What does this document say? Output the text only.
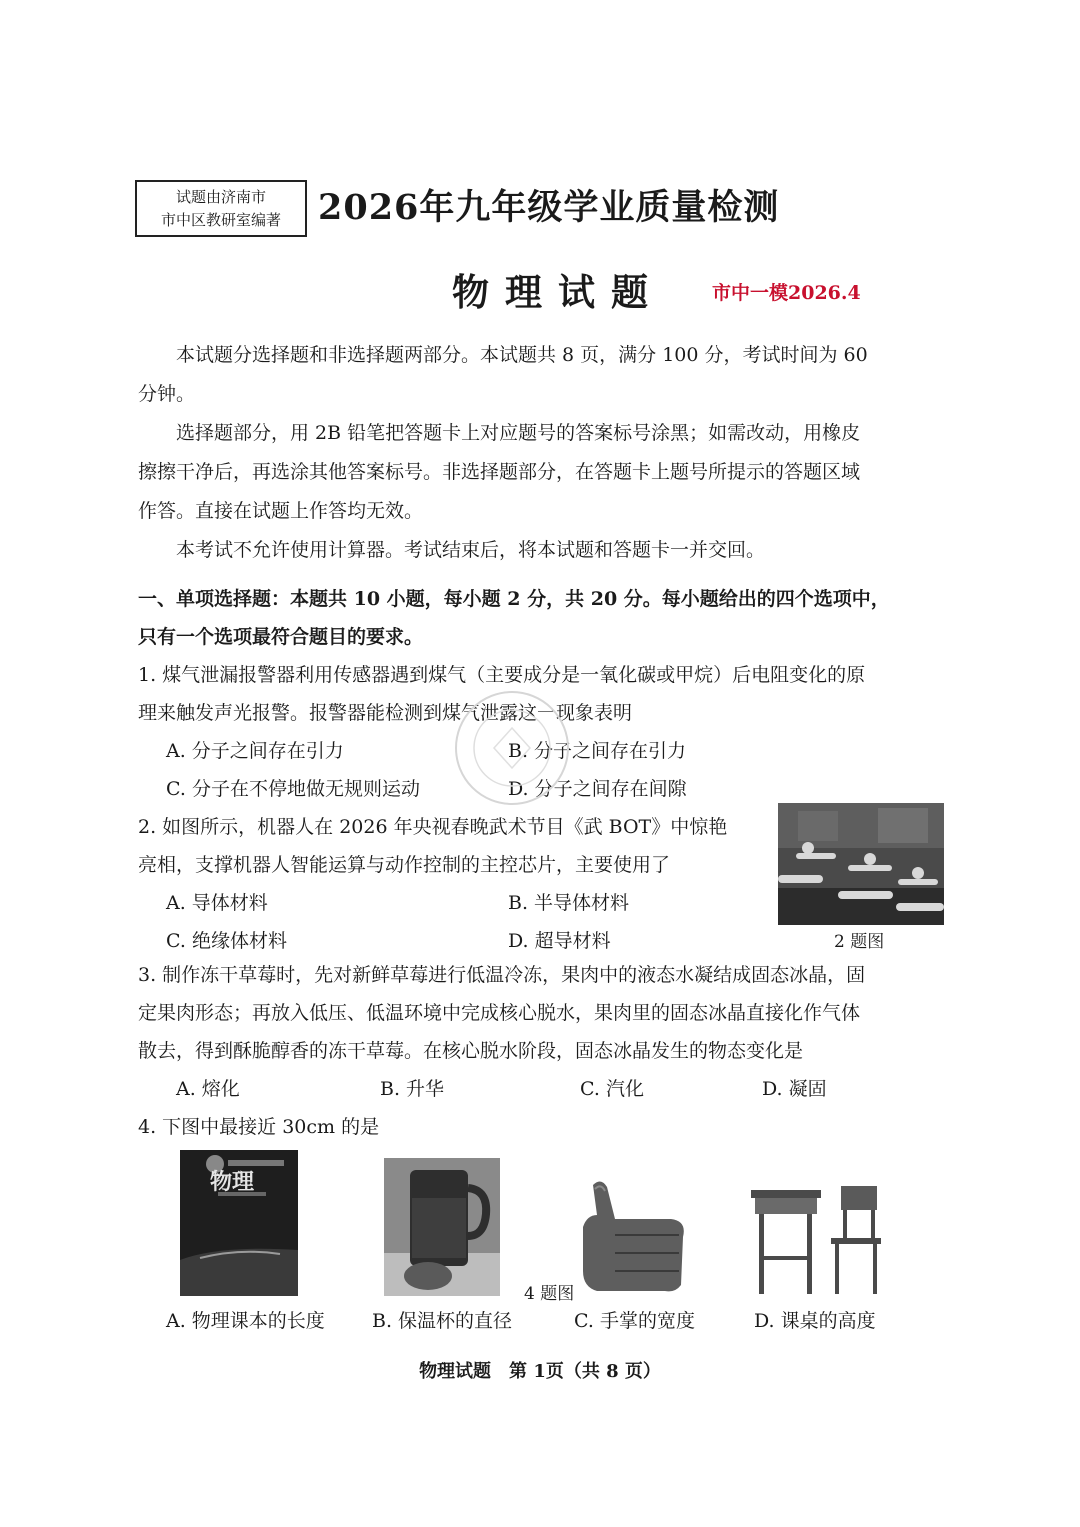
试题由济南市
市中区教研室编著	2026年九年级学业质量检测
物理试题	市中一模2026.4
本试题分选择题和非选择题两部分。本试题共 8 页，满分 100 分，考试时间为 60
分钟。
选择题部分，用 2B 铅笔把答题卡上对应题号的答案标号涂黑；如需改动，用橡皮
擦擦干净后，再选涂其他答案标号。非选择题部分，在答题卡上题号所提示的答题区域
作答。直接在试题上作答均无效。
本考试不允许使用计算器。考试结束后，将本试题和答题卡一并交回。
一、单项选择题：本题共 10 小题，每小题 2 分，共 20 分。每小题给出的四个选项中，
只有一个选项最符合题目的要求。
1. 煤气泄漏报警器利用传感器遇到煤气（主要成分是一氧化碳或甲烷）后电阻变化的原
理来触发声光报警。报警器能检测到煤气泄露这一现象表明
A. 分子之间存在引力	B. 分子之间存在引力
C. 分子在不停地做无规则运动	D. 分子之间存在间隙
2. 如图所示，机器人在 2026 年央视春晚武术节目《武 BOT》中惊艳
亮相，支撑机器人智能运算与动作控制的主控芯片，主要使用了
A. 导体材料	B. 半导体材料
C. 绝缘体材料	D. 超导材料	2 题图
3. 制作冻干草莓时，先对新鲜草莓进行低温冷冻，果肉中的液态水凝结成固态冰晶，固
定果肉形态；再放入低压、低温环境中完成核心脱水，果肉里的固态冰晶直接化作气体
散去，得到酥脆醇香的冻干草莓。在核心脱水阶段，固态冰晶发生的物态变化是
A. 熔化	B. 升华	C. 汽化	D. 凝固
4. 下图中最接近 30cm 的是
物理
4 题图
A. 物理课本的长度 B. 保温杯的直径	C. 手掌的宽度	D. 课桌的高度
物理试题　第 1页（共 8 页）
